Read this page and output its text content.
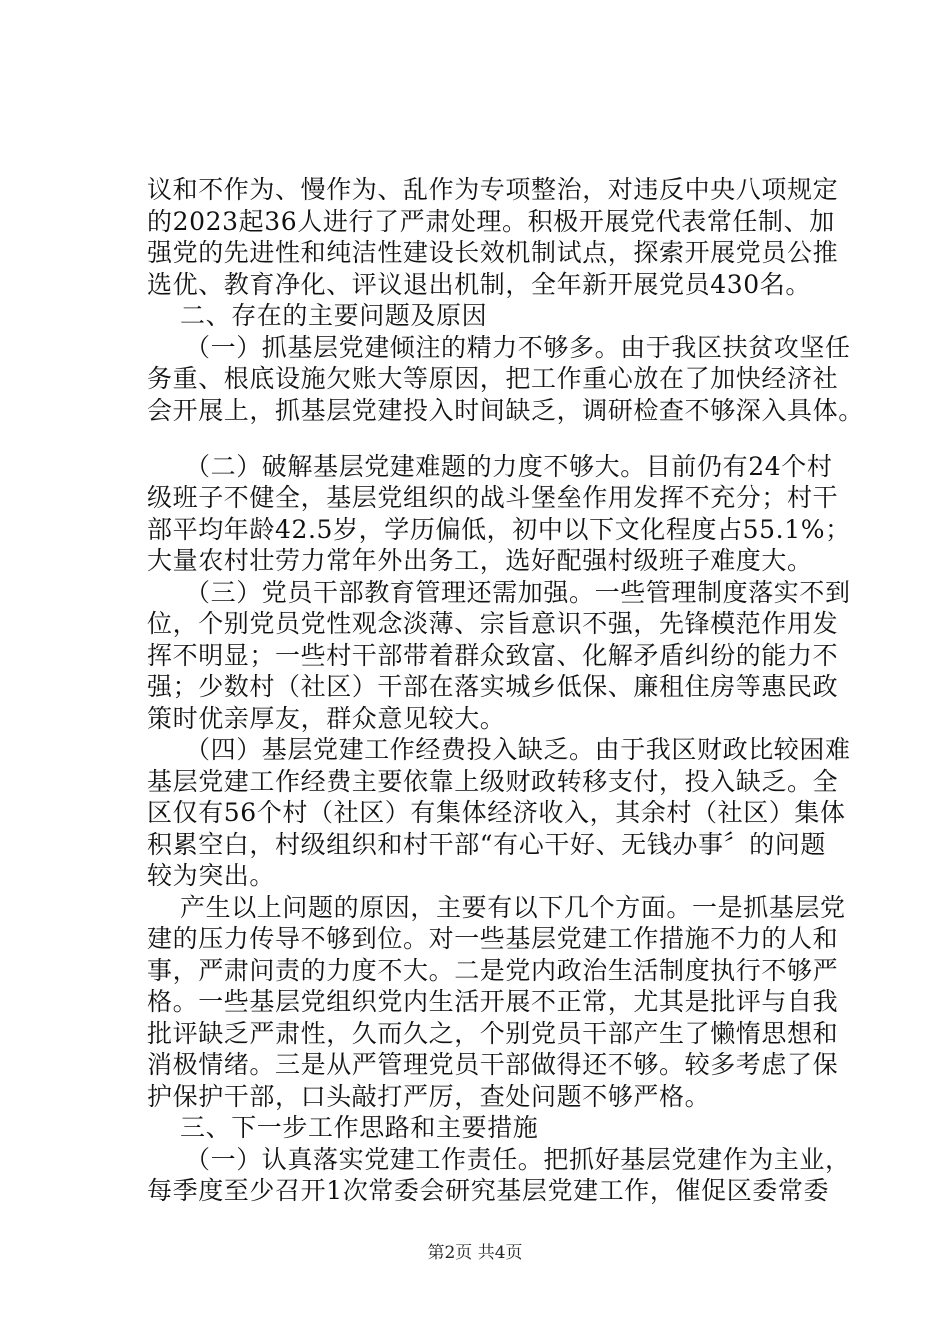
议和不作为、慢作为、乱作为专项整治，对违反中央八项规定
的2023起36人进行了严肃处理。积极开展党代表常任制、加
强党的先进性和纯洁性建设长效机制试点，探索开展党员公推
选优、教育净化、评议退出机制，全年新开展党员430名。
二、存在的主要问题及原因
（一）抓基层党建倾注的精力不够多。由于我区扶贫攻坚任
务重、根底设施欠账大等原因，把工作重心放在了加快经济社
会开展上，抓基层党建投入时间缺乏，调研检查不够深入具体。
（二）破解基层党建难题的力度不够大。目前仍有24个村
级班子不健全，基层党组织的战斗堡垒作用发挥不充分；村干
部平均年龄42.5岁，学历偏低，初中以下文化程度占55.1%；
大量农村壮劳力常年外出务工，选好配强村级班子难度大。
（三）党员干部教育管理还需加强。一些管理制度落实不到
位，个别党员党性观念淡薄、宗旨意识不强，先锋模范作用发
挥不明显；一些村干部带着群众致富、化解矛盾纠纷的能力不
强；少数村（社区）干部在落实城乡低保、廉租住房等惠民政
策时优亲厚友，群众意见较大。
（四）基层党建工作经费投入缺乏。由于我区财政比较困难
基层党建工作经费主要依靠上级财政转移支付，投入缺乏。全
区仅有56个村（社区）有集体经济收入，其余村（社区）集体
积累空白，村级组织和村干部“有心干好、无钱办事〞的问题
较为突出。
产生以上问题的原因，主要有以下几个方面。一是抓基层党
建的压力传导不够到位。对一些基层党建工作措施不力的人和
事，严肃问责的力度不大。二是党内政治生活制度执行不够严
格。一些基层党组织党内生活开展不正常，尤其是批评与自我
批评缺乏严肃性，久而久之，个别党员干部产生了懒惰思想和
消极情绪。三是从严管理党员干部做得还不够。较多考虑了保
护保护干部，口头敲打严厉，查处问题不够严格。
三、下一步工作思路和主要措施
（一）认真落实党建工作责任。把抓好基层党建作为主业，
每季度至少召开1次常委会研究基层党建工作，催促区委常委
第2页 共4页
